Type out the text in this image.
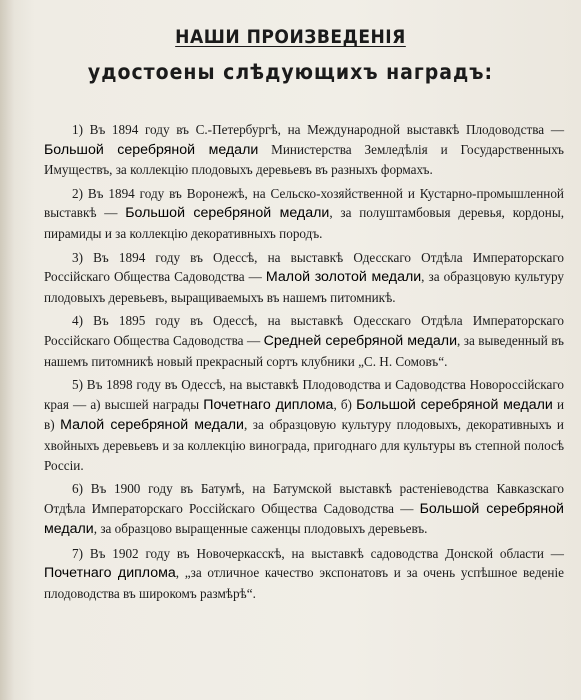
НАШИ ПРОИЗВЕДЕНІЯ
удостоены слѣдующихъ наградъ:

1) Въ 1894 году въ С.-Петербургѣ, на Международной выставкѣ Плодоводства — Большой серебряной медали Министерства Земледѣлія и Государственныхъ Имуществъ, за коллекцію плодовыхъ деревьевъ въ разныхъ формахъ.

2) Въ 1894 году въ Воронежѣ, на Сельско-хозяйственной и Кустарно-промышленной выставкѣ — Большой серебряной медали, за полуштамбовыя деревья, кордоны, пирамиды и за коллекцію декоративныхъ породъ.

3) Въ 1894 году въ Одессѣ, на выставкѣ Одесскаго Отдѣла Императорскаго Россійскаго Общества Садоводства — Малой золотой медали, за образцовую культуру плодовыхъ деревьевъ, выращиваемыхъ въ нашемъ питомникѣ.

4) Въ 1895 году въ Одессѣ, на выставкѣ Одесскаго Отдѣла Императорскаго Россійскаго Общества Садоводства — Средней серебряной медали, за выведенный въ нашемъ питомникѣ новый прекрасный сортъ клубники „С. Н. Сомовъ“.

5) Въ 1898 году въ Одессѣ, на выставкѣ Плодоводства и Садоводства Новороссійскаго края — а) высшей награды Почетнаго диплома, б) Большой серебряной медали и в) Малой серебряной медали, за образцовую культуру плодовыхъ, декоративныхъ и хвойныхъ деревьевъ и за коллекцію винограда, пригоднаго для культуры въ степной полосѣ Россіи.

6) Въ 1900 году въ Батумѣ, на Батумской выставкѣ растеніеводства Кавказскаго Отдѣла Императорскаго Россійскаго Общества Садоводства — Большой серебряной медали, за образцово выращенные саженцы плодовыхъ деревьевъ.

7) Въ 1902 году въ Новочеркасскѣ, на выставкѣ садоводства Донской области — Почетнаго диплома, „за отличное качество экспонатовъ и за очень успѣшное веденіе плодоводства въ широкомъ размѣрѣ“.
